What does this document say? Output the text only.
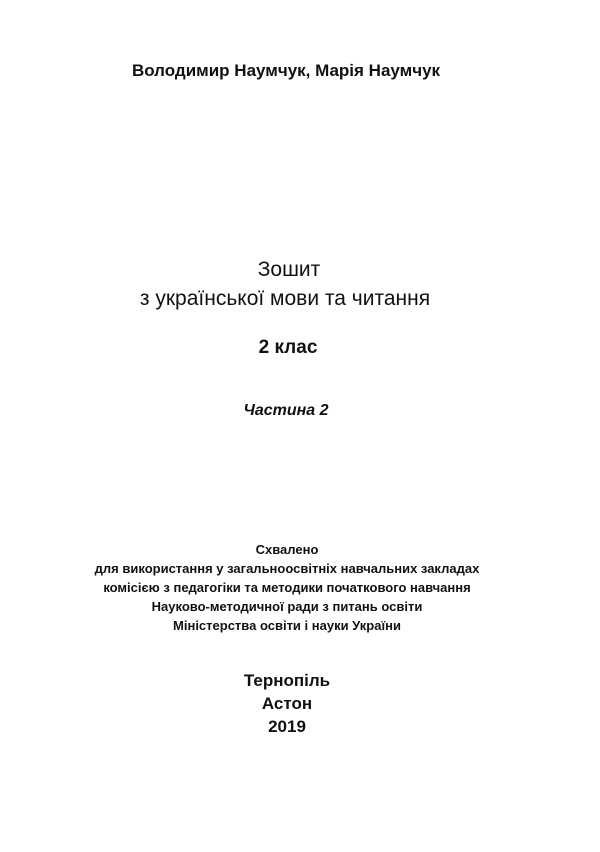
Володимир Наумчук, Марія Наумчук
Зошит
з української мови та читання
2 клас
Частина 2
Схвалено
для використання у загальноосвітніх навчальних закладах
комісією з педагогіки та методики початкового навчання
Науково-методичної ради з питань освіти
Міністерства освіти і науки України
Тернопіль
Астон
2019
